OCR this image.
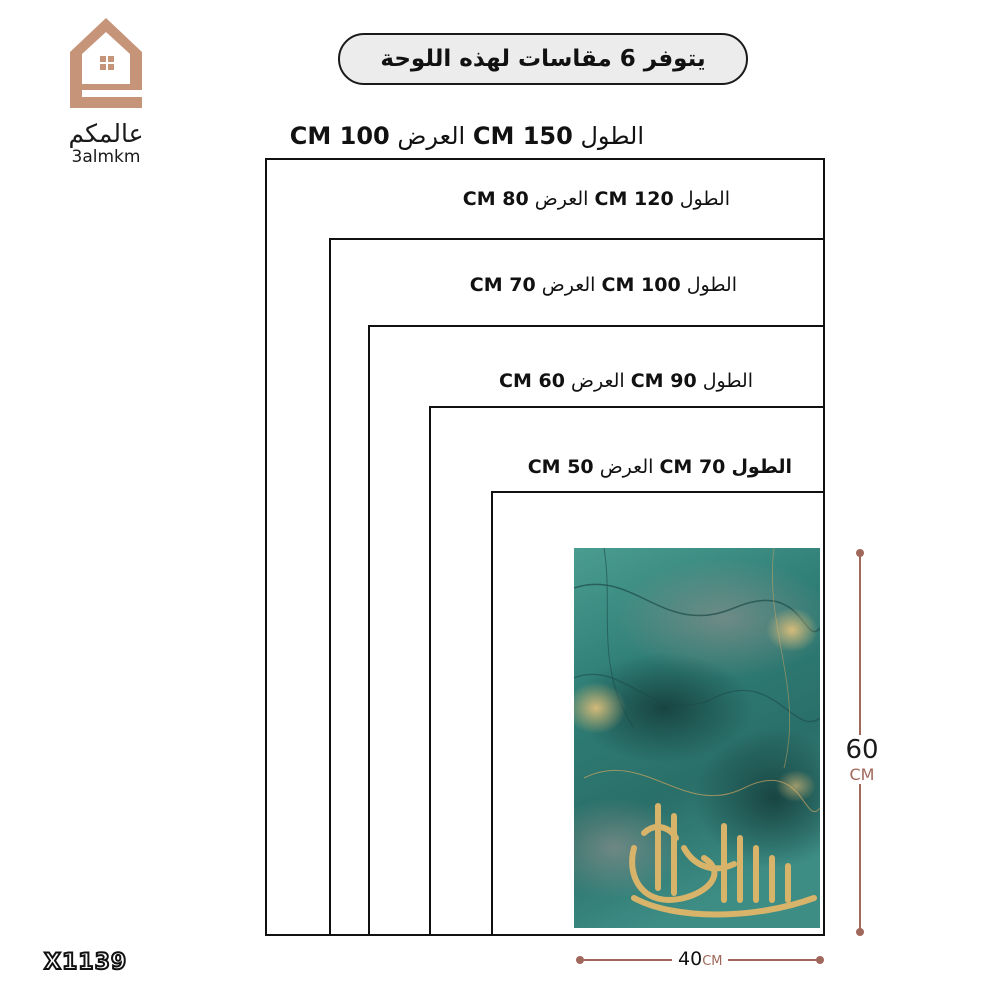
عالمكم
3almkm
يتوفر 6 مقاسات لهذه اللوحة
الطول 150 CM العرض 100 CM
الطول 120 CM العرض 80 CM
الطول 100 CM العرض 70 CM
الطول 90 CM العرض 60 CM
الطول 70 CM العرض 50 CM
60
CM
40CM
X1139
